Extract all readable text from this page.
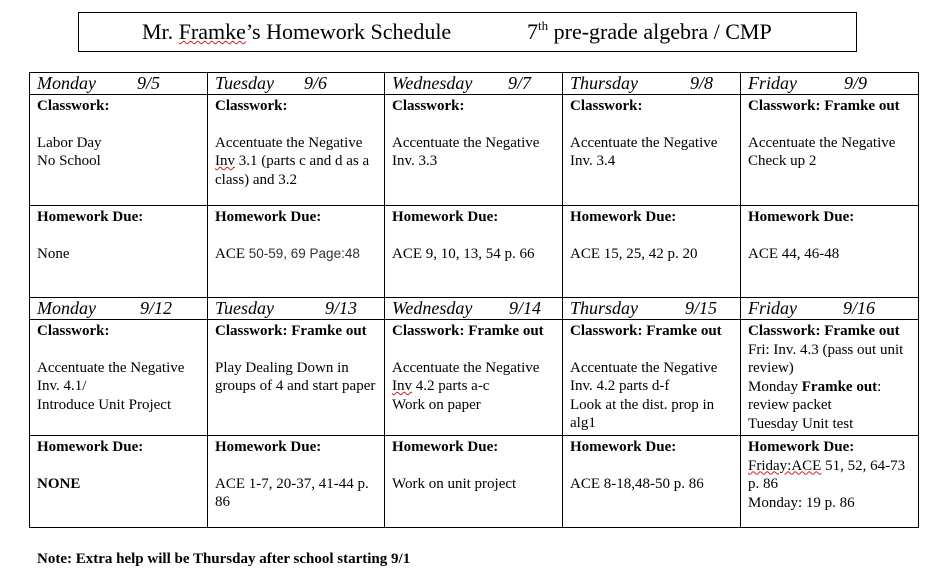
Mr. Framke’s Homework Schedule	7th pre-grade algebra / CMP
Monday 9/5	Tuesday 9/6	Wednesday 9/7	Thursday 9/8	Friday 9/9

Classwork:
Labor Day
No School	Classwork:
Accentuate the Negative
Inv 3.1 (parts c and d as a class) and 3.2	Classwork:
Accentuate the Negative
Inv. 3.3	Classwork:
Accentuate the Negative
Inv. 3.4	Classwork: Framke out
Accentuate the Negative
Check up 2

Homework Due:
None	Homework Due:
ACE 50-59, 69 Page:48	Homework Due:
ACE 9, 10, 13, 54 p. 66	Homework Due:
ACE 15, 25, 42 p. 20	Homework Due:
ACE 44, 46-48

Monday 9/12	Tuesday 9/13	Wednesday 9/14	Thursday 9/15	Friday 9/16

Classwork:
Accentuate the Negative
Inv. 4.1/
Introduce Unit Project	Classwork: Framke out
Play Dealing Down in groups of 4 and start paper	Classwork: Framke out
Accentuate the Negative
Inv 4.2 parts a-c
Work on paper	Classwork: Framke out
Accentuate the Negative
Inv. 4.2 parts d-f
Look at the dist. prop in alg1	Classwork: Framke out
Fri: Inv. 4.3 (pass out unit review)
Monday Framke out: review packet
Tuesday Unit test

Homework Due:
NONE	Homework Due:
ACE 1-7, 20-37, 41-44 p. 86	Homework Due:
Work on unit project	Homework Due:
ACE 8-18,48-50 p. 86	Homework Due:
Friday:ACE 51, 52, 64-73 p. 86
Monday: 19 p. 86
Note: Extra help will be Thursday after school starting 9/1
